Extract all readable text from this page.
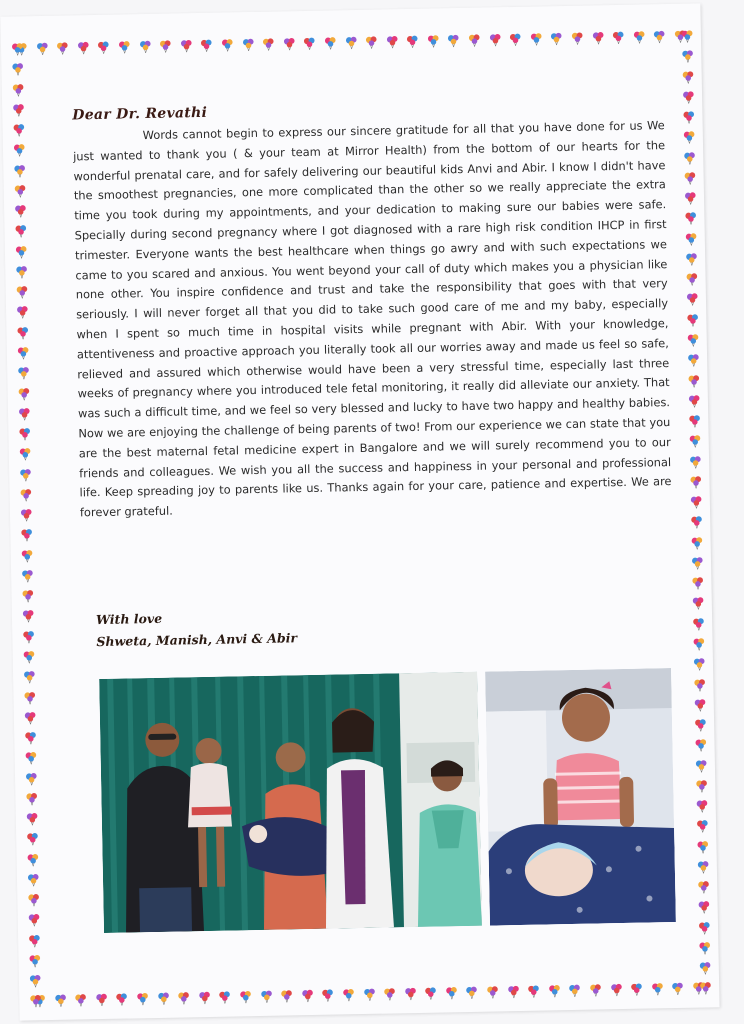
Dear Dr. Revathi

Words cannot begin to express our sincere gratitude for all that you have done for us We just wanted to thank you ( & your team at Mirror Health) from the bottom of our hearts for the wonderful prenatal care, and for safely delivering our beautiful kids Anvi and Abir. I know I didn't have the smoothest pregnancies, one more complicated than the other so we really appreciate the extra time you took during my appointments, and your dedication to making sure our babies were safe. Specially during second pregnancy where I got diagnosed with a rare high risk condition IHCP in first trimester. Everyone wants the best healthcare when things go awry and with such expectations we came to you scared and anxious. You went beyond your call of duty which makes you a physician like none other. You inspire confidence and trust and take the responsibility that goes with that very seriously. I will never forget all that you did to take such good care of me and my baby, especially when I spent so much time in hospital visits while pregnant with Abir. With your knowledge, attentiveness and proactive approach you literally took all our worries away and made us feel so safe, relieved and assured which otherwise would have been a very stressful time, especially last three weeks of pregnancy where you introduced tele fetal monitoring, it really did alleviate our anxiety. That was such a difficult time, and we feel so very blessed and lucky to have two happy and healthy babies. Now we are enjoying the challenge of being parents of two! From our experience we can state that you are the best maternal fetal medicine expert in Bangalore and we will surely recommend you to our friends and colleagues. We wish you all the success and happiness in your personal and professional life. Keep spreading joy to parents like us. Thanks again for your care, patience and expertise. We are forever grateful.

With love
Shweta, Manish, Anvi & Abir
